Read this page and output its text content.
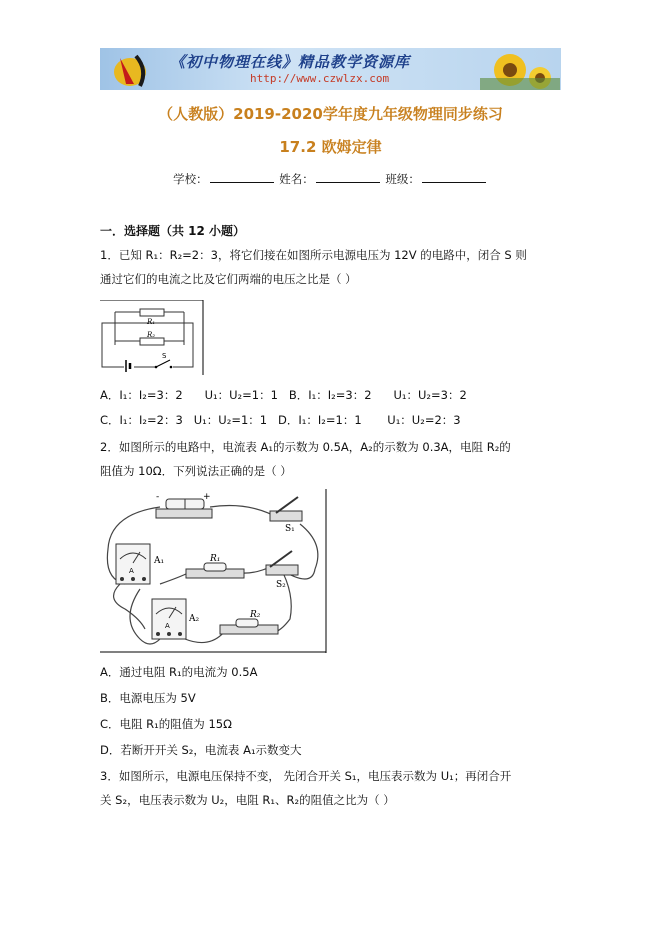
《初中物理在线》精品教学资源库
http://www.czwlzx.com
（人教版）2019-2020学年度九年级物理同步练习
17.2 欧姆定律
学校：	姓名：	班级：
一．选择题（共 12 小题）
1．已知 R₁：R₂=2：3，将它们接在如图所示电源电压为 12V 的电路中，闭合 S 则
通过它们的电流之比及它们两端的电压之比是（ ）
R₁
R₂
S
A．I₁：I₂=3：2      U₁：U₂=1：1   B．I₁：I₂=3：2      U₁：U₂=3：2
C．I₁：I₂=2：3   U₁：U₂=1：1   D．I₁：I₂=1：1       U₁：U₂=2：3
2．如图所示的电路中，电流表 A₁的示数为 0.5A，A₂的示数为 0.3A，电阻 R₂的
阻值为 10Ω．下列说法正确的是（ ）
-	+
S₁
S₂
R₁
R₂
A
A₁
A
A₂
A．通过电阻 R₁的电流为 0.5A
B．电源电压为 5V
C．电阻 R₁的阻值为 15Ω
D．若断开开关 S₂，电流表 A₁示数变大
3．如图所示，电源电压保持不变， 先闭合开关 S₁，电压表示数为 U₁；再闭合开
关 S₂，电压表示数为 U₂，电阻 R₁、R₂的阻值之比为（ ）
